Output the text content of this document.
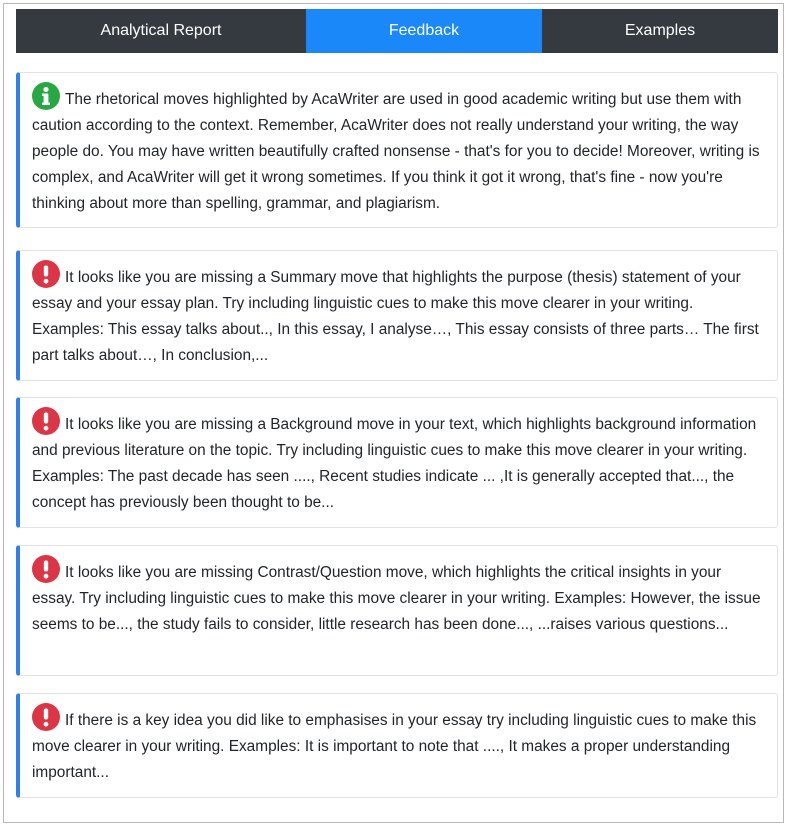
Analytical Report	Feedback	Examples
The rhetorical moves highlighted by AcaWriter are used in good academic writing but use them with caution according to the context. Remember, AcaWriter does not really understand your writing, the way people do. You may have written beautifully crafted nonsense - that's for you to decide! Moreover, writing is complex, and AcaWriter will get it wrong sometimes. If you think it got it wrong, that's fine - now you're thinking about more than spelling, grammar, and plagiarism.
It looks like you are missing a Summary move that highlights the purpose (thesis) statement of your essay and your essay plan. Try including linguistic cues to make this move clearer in your writing. Examples: This essay talks about.., In this essay, I analyse…, This essay consists of three parts… The first part talks about…, In conclusion,...
It looks like you are missing a Background move in your text, which highlights background information and previous literature on the topic. Try including linguistic cues to make this move clearer in your writing. Examples: The past decade has seen ...., Recent studies indicate ... ,It is generally accepted that..., the concept has previously been thought to be...
It looks like you are missing Contrast/Question move, which highlights the critical insights in your essay. Try including linguistic cues to make this move clearer in your writing. Examples: However, the issue seems to be..., the study fails to consider, little research has been done..., ...raises various questions...
If there is a key idea you did like to emphasises in your essay try including linguistic cues to make this move clearer in your writing. Examples: It is important to note that ...., It makes a proper understanding important...
